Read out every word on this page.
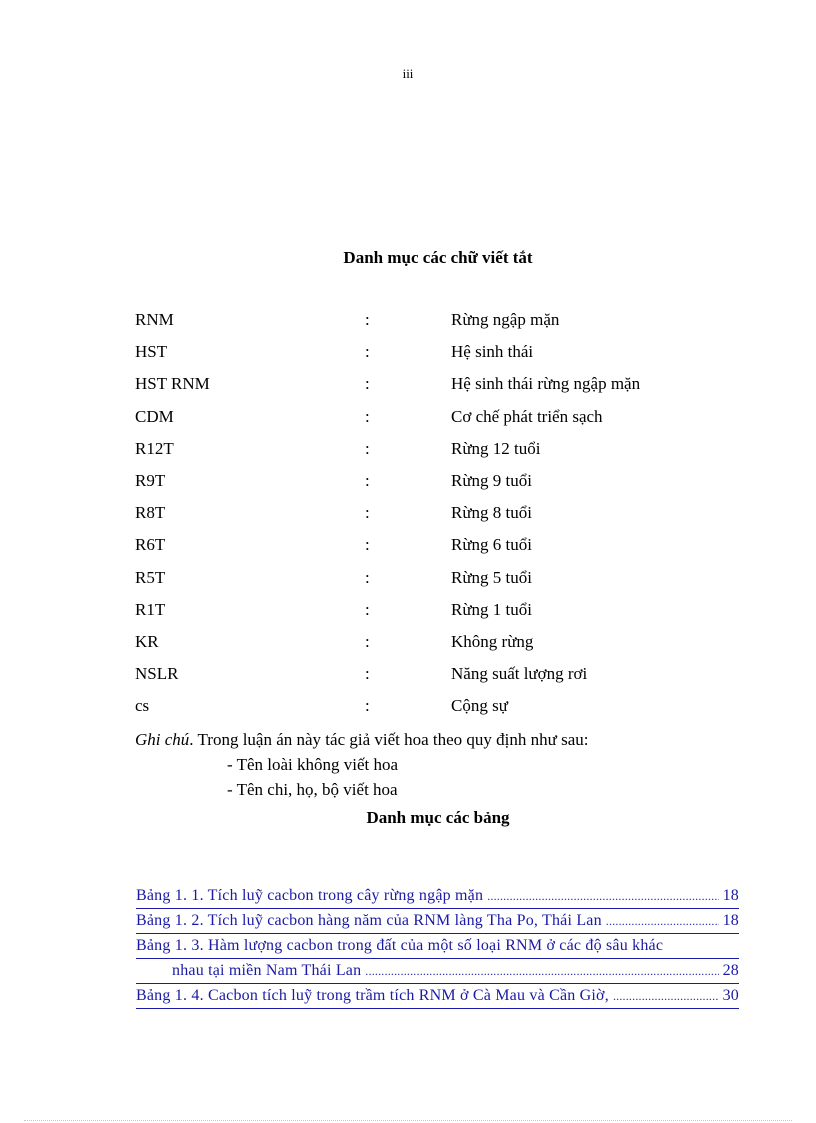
iii
Danh mục các chữ viết tắt
RNM	:	Rừng ngập mặn
HST	:	Hệ sinh thái
HST RNM	:	Hệ sinh thái rừng ngập mặn
CDM	:	Cơ chế phát triển sạch
R12T	:	Rừng 12 tuổi
R9T	:	Rừng 9 tuổi
R8T	:	Rừng 8 tuổi
R6T	:	Rừng 6 tuổi
R5T	:	Rừng 5 tuổi
R1T	:	Rừng 1 tuổi
KR	:	Không rừng
NSLR	:	Năng suất lượng rơi
cs	:	Cộng sự
Ghi chú. Trong luận án này tác giả viết hoa theo quy định như sau:
- Tên loài không viết hoa
- Tên chi, họ, bộ viết hoa
Danh mục các bảng
Bảng 1. 1. Tích luỹ cacbon trong cây rừng ngập mặn .....	18
Bảng 1. 2. Tích luỹ cacbon hàng năm của RNM làng Tha Po, Thái Lan .....	18
Bảng 1. 3. Hàm lượng cacbon trong đất của một số loại RNM ở các độ sâu khác
nhau tại miền Nam Thái Lan .....	28
Bảng 1. 4. Cacbon tích luỹ trong trầm tích RNM ở Cà Mau và Cần Giờ, .....	30
